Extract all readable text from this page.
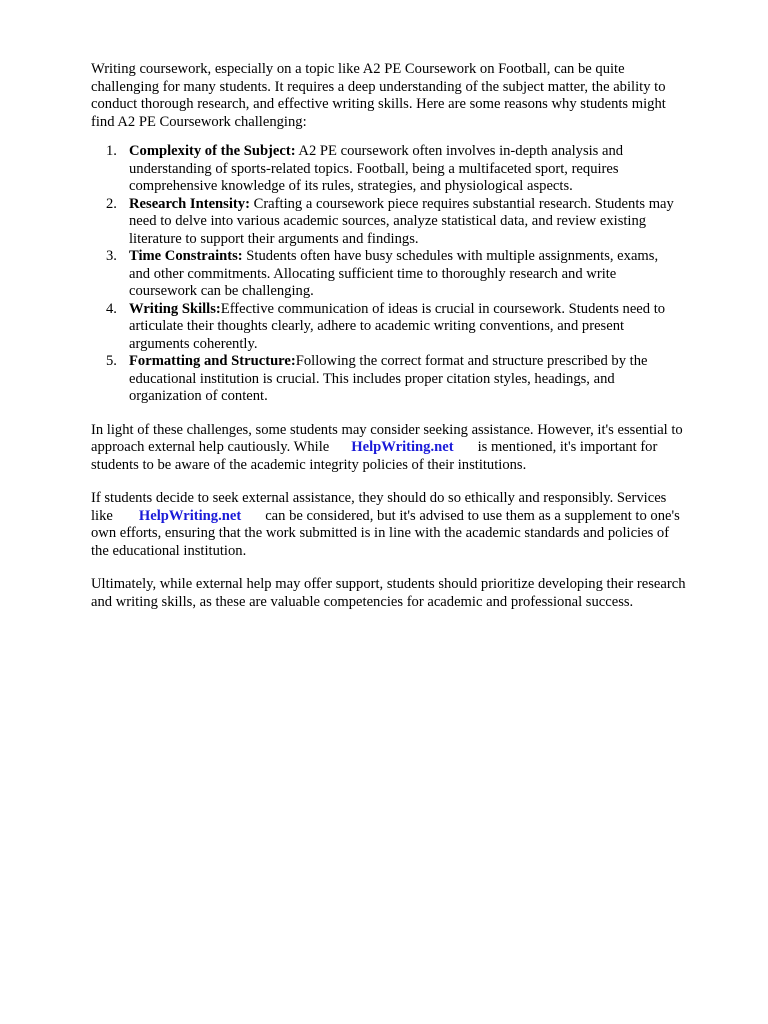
Writing coursework, especially on a topic like A2 PE Coursework on Football, can be quite
challenging for many students. It requires a deep understanding of the subject matter, the ability to
conduct thorough research, and effective writing skills. Here are some reasons why students might
find A2 PE Coursework challenging:

1. Complexity of the Subject: A2 PE coursework often involves in-depth analysis and
understanding of sports-related topics. Football, being a multifaceted sport, requires
comprehensive knowledge of its rules, strategies, and physiological aspects.
2. Research Intensity: Crafting a coursework piece requires substantial research. Students may
need to delve into various academic sources, analyze statistical data, and review existing
literature to support their arguments and findings.
3. Time Constraints: Students often have busy schedules with multiple assignments, exams,
and other commitments. Allocating sufficient time to thoroughly research and write
coursework can be challenging.
4. Writing Skills:Effective communication of ideas is crucial in coursework. Students need to
articulate their thoughts clearly, adhere to academic writing conventions, and present
arguments coherently.
5. Formatting and Structure:Following the correct format and structure prescribed by the
educational institution is crucial. This includes proper citation styles, headings, and
organization of content.

In light of these challenges, some students may consider seeking assistance. However, it's essential to
approach external help cautiously. While HelpWriting.net is mentioned, it's important for
students to be aware of the academic integrity policies of their institutions.

If students decide to seek external assistance, they should do so ethically and responsibly. Services
like HelpWriting.net can be considered, but it's advised to use them as a supplement to one's
own efforts, ensuring that the work submitted is in line with the academic standards and policies of
the educational institution.

Ultimately, while external help may offer support, students should prioritize developing their research
and writing skills, as these are valuable competencies for academic and professional success.
